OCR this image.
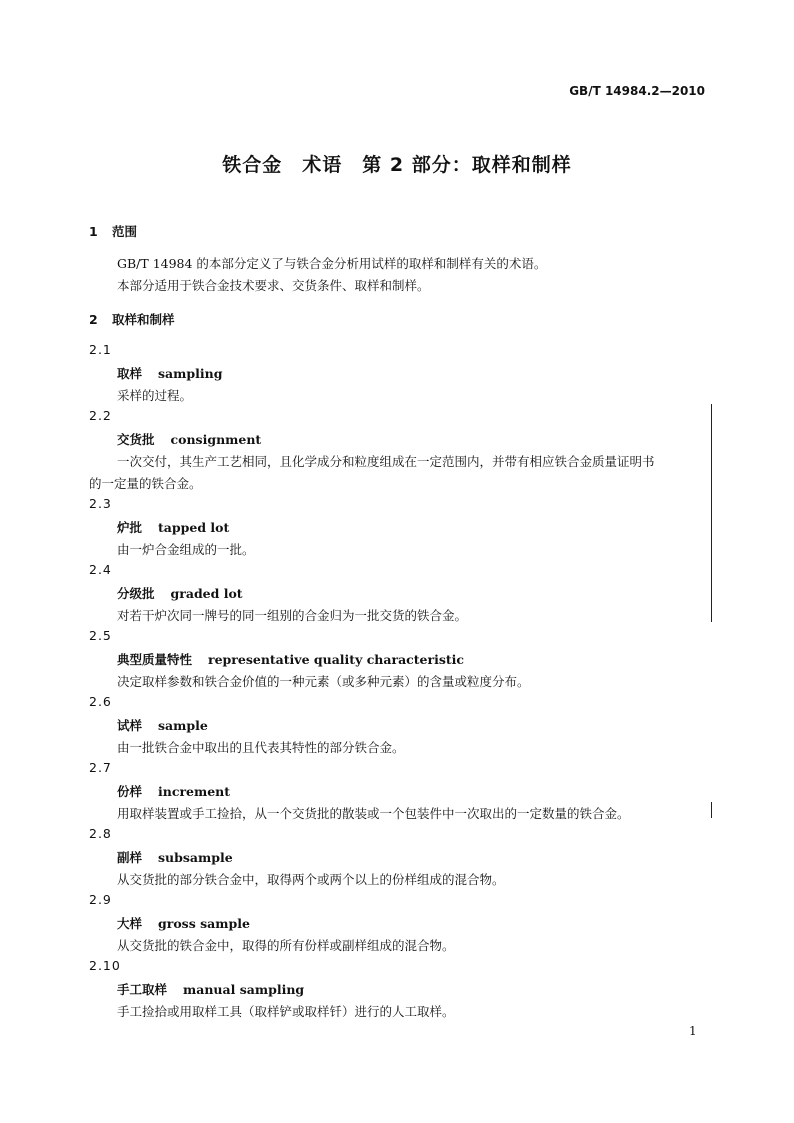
GB/T 14984.2—2010
铁合金　术语　第 2 部分：取样和制样
1 范围
GB/T 14984 的本部分定义了与铁合金分析用试样的取样和制样有关的术语。
本部分适用于铁合金技术要求、交货条件、取样和制样。
2 取样和制样
2.1
取样 sampling
采样的过程。
2.2
交货批 consignment
一次交付，其生产工艺相同，且化学成分和粒度组成在一定范围内，并带有相应铁合金质量证明书
的一定量的铁合金。
2.3
炉批 tapped lot
由一炉合金组成的一批。
2.4
分级批 graded lot
对若干炉次同一牌号的同一组别的合金归为一批交货的铁合金。
2.5
典型质量特性 representative quality characteristic
决定取样参数和铁合金价值的一种元素（或多种元素）的含量或粒度分布。
2.6
试样 sample
由一批铁合金中取出的且代表其特性的部分铁合金。
2.7
份样 increment
用取样装置或手工捡拾，从一个交货批的散装或一个包装件中一次取出的一定数量的铁合金。
2.8
副样 subsample
从交货批的部分铁合金中，取得两个或两个以上的份样组成的混合物。
2.9
大样 gross sample
从交货批的铁合金中，取得的所有份样或副样组成的混合物。
2.10
手工取样 manual sampling
手工捡拾或用取样工具（取样铲或取样钎）进行的人工取样。
1
